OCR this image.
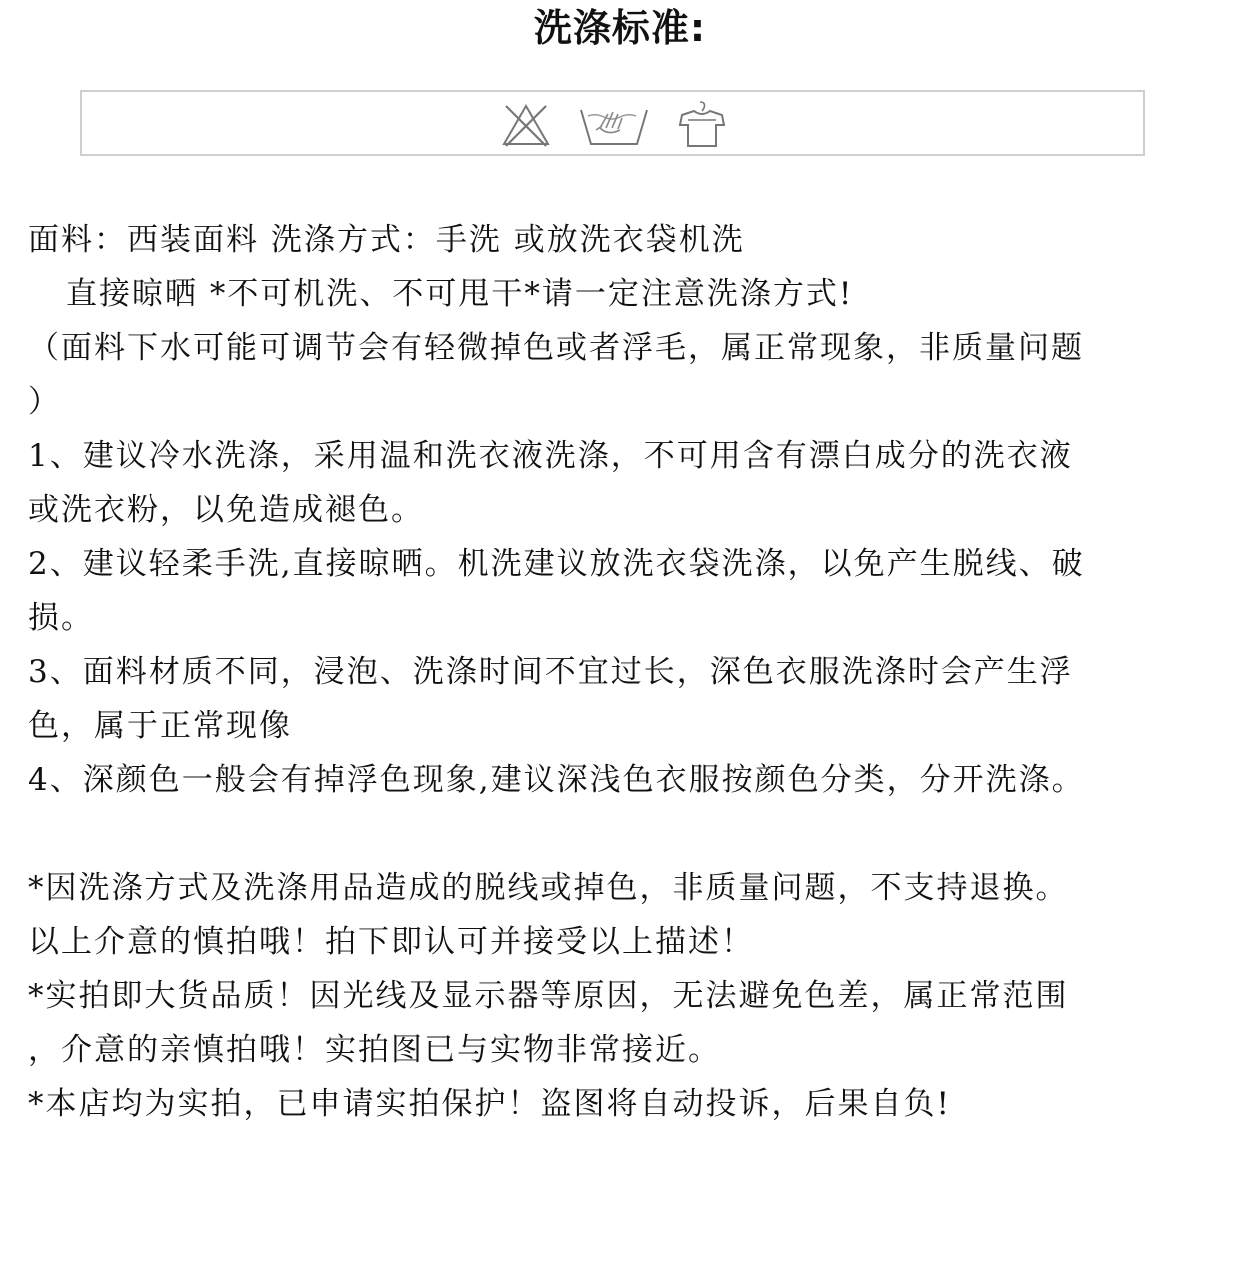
洗涤标准:
面料：西装面料 洗涤方式：手洗 或放洗衣袋机洗
直接晾晒 *不可机洗、不可甩干*请一定注意洗涤方式!
（面料下水可能可调节会有轻微掉色或者浮毛，属正常现象，非质量问题
）
1、建议冷水洗涤，采用温和洗衣液洗涤，不可用含有漂白成分的洗衣液
或洗衣粉，以免造成褪色。
2、建议轻柔手洗,直接晾晒。机洗建议放洗衣袋洗涤，以免产生脱线、破
损。
3、面料材质不同，浸泡、洗涤时间不宜过长，深色衣服洗涤时会产生浮
色，属于正常现像
4、深颜色一般会有掉浮色现象,建议深浅色衣服按颜色分类，分开洗涤。
*因洗涤方式及洗涤用品造成的脱线或掉色，非质量问题，不支持退换。
以上介意的慎拍哦！拍下即认可并接受以上描述！
*实拍即大货品质！因光线及显示器等原因，无法避免色差，属正常范围
，介意的亲慎拍哦！实拍图已与实物非常接近。
*本店均为实拍，已申请实拍保护！盗图将自动投诉，后果自负!
